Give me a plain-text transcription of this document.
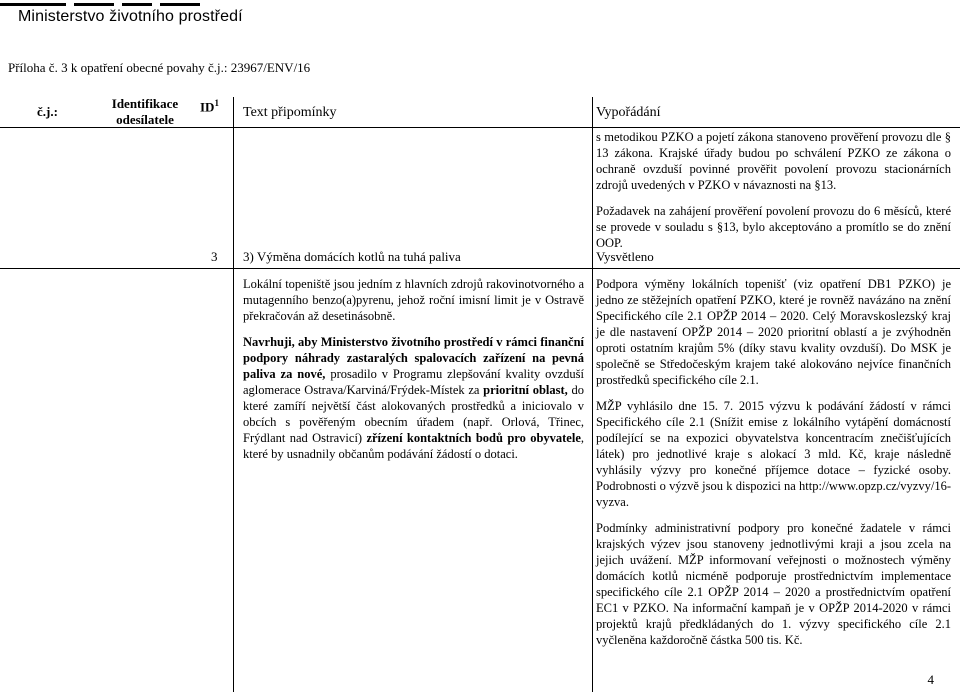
Ministerstvo životního prostředí
Příloha č. 3 k opatření obecné povahy č.j.: 23967/ENV/16
č.j.:
Identifikace
odesílatele
$ID^1$
Text připomínky	Vypořádání

s metodikou PZKO a pojetí zákona stanoveno prověření provozu dle § 13 zákona. Krajské úřady budou po schválení PZKO ze zákona o ochraně ovzduší povinné prověřit povolení provozu stacionárních zdrojů uvedených v PZKO v návaznosti na §13.

Požadavek na zahájení prověření povolení provozu do 6 měsíců, které se provede v souladu s §13, bylo akceptováno a promítlo se do znění OOP.

3 3) Výměna domácích kotlů na tuhá paliva	Vysvětleno

Lokální topeniště jsou jedním z hlavních zdrojů rakovinotvorného a mutagenního benzo(a)pyrenu, jehož roční imisní limit je v Ostravě překračován až desetinásobně.

Navrhuji, aby Ministerstvo životního prostředí v rámci finanční podpory náhrady zastaralých spalovacích zařízení na pevná paliva za nové, prosadilo v Programu zlepšování kvality ovzduší aglomerace Ostrava/Karviná/Frýdek-Místek za prioritní oblast, do které zamíří největší část alokovaných prostředků a iniciovalo v obcích s pověřeným obecním úřadem (např. Orlová, Třinec, Frýdlant nad Ostravicí) zřízení kontaktních bodů pro obyvatele, které by usnadnily občanům podávání žádostí o dotaci.

Podpora výměny lokálních topenišť (viz opatření DB1 PZKO) je jedno ze stěžejních opatření PZKO, které je rovněž navázáno na znění Specifického cíle 2.1 OPŽP 2014 – 2020. Celý Moravskoslezský kraj je dle nastavení OPŽP 2014 – 2020 prioritní oblastí a je zvýhodněn oproti ostatním krajům 5% (díky stavu kvality ovzduší). Do MSK je společně se Středočeským krajem také alokováno nejvíce finančních prostředků specifického cíle 2.1.

MŽP vyhlásilo dne 15. 7. 2015 výzvu k podávání žádostí v rámci Specifického cíle 2.1 (Snížit emise z lokálního vytápění domácností podílející se na expozici obyvatelstva koncentracím znečišťujících látek) pro jednotlivé kraje s alokací 3 mld. Kč, kraje následně vyhlásily výzvy pro konečné příjemce dotace – fyzické osoby. Podrobnosti o výzvě jsou k dispozici na http://www.opzp.cz/vyzvy/16-vyzva.

Podmínky administrativní podpory pro konečné žadatele v rámci krajských výzev jsou stanoveny jednotlivými kraji a jsou zcela na jejich uvážení. MŽP informovaní veřejnosti o možnostech výměny domácích kotlů nicméně podporuje prostřednictvím implementace specifického cíle 2.1 OPŽP 2014 – 2020 a prostřednictvím opatření EC1 v PZKO. Na informační kampaň je v OPŽP 2014-2020 v rámci projektů krajů předkládaných do 1. výzvy specifického cíle 2.1 vyčleněna každoročně částka 500 tis. Kč.

4
